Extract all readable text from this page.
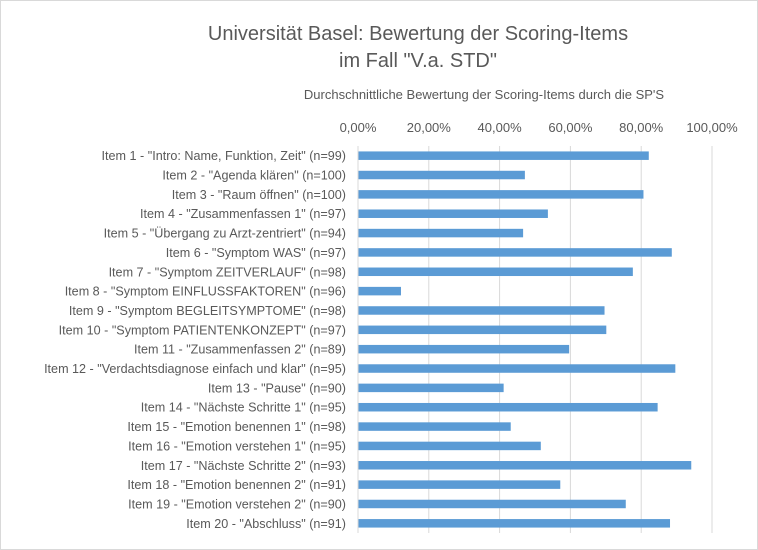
Universität Basel: Bewertung der Scoring-Items
im Fall "V.a. STD"
Durchschnittliche Bewertung der Scoring-Items durch die SP'S
0,00% 20,00% 40,00% 60,00% 80,00% 100,00%
Item 1 - "Intro: Name, Funktion, Zeit" (n=99)
Item 2 - "Agenda klären" (n=100)
Item 3 - "Raum öffnen" (n=100)
Item 4 - "Zusammenfassen 1" (n=97)
Item 5 - "Übergang zu Arzt-zentriert" (n=94)
Item 6 - "Symptom WAS" (n=97)
Item 7 - "Symptom ZEITVERLAUF" (n=98)
Item 8 - "Symptom EINFLUSSFAKTOREN" (n=96)
Item 9 - "Symptom BEGLEITSYMPTOME" (n=98)
Item 10 - "Symptom PATIENTENKONZEPT" (n=97)
Item 11 - "Zusammenfassen 2" (n=89)
Item 12 - "Verdachtsdiagnose einfach und klar" (n=95)
Item 13 - "Pause" (n=90)
Item 14 - "Nächste Schritte 1" (n=95)
Item 15 - "Emotion benennen 1" (n=98)
Item 16 - "Emotion verstehen 1" (n=95)
Item 17 - "Nächste Schritte 2" (n=93)
Item 18 - "Emotion benennen 2" (n=91)
Item 19 - "Emotion verstehen 2" (n=90)
Item 20 - "Abschluss" (n=91)
